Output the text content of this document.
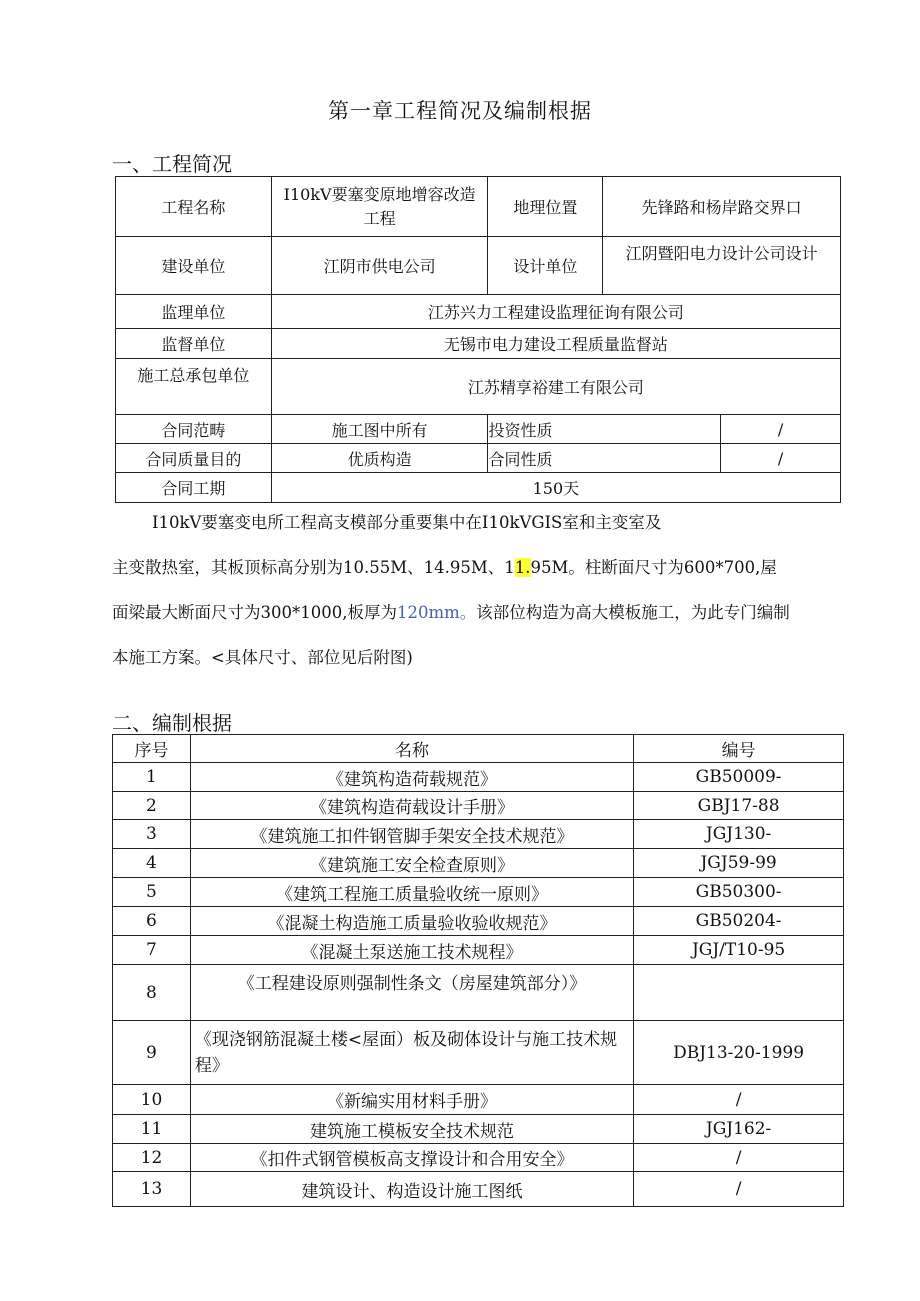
第一章工程简况及编制根据
一、工程简况
工程名称	I10kV要塞变原地增容改造工程	地理位置	先锋路和杨岸路交界口	
建设单位	江阴市供电公司	设计单位	江阴暨阳电力设计公司设计	
监理单位	江苏兴力工程建设监理征询有限公司			
监督单位	无锡市电力建设工程质量监督站			
施工总承包单位	江苏精享裕建工有限公司			
合同范畴	施工图中所有	投资性质		/
合同质量目的	优质构造	合同性质		/
合同工期	150天			

I10kV要塞变电所工程高支模部分重要集中在I10kVGIS室和主变室及

主变散热室，其板顶标高分别为10.55M、14.95M、11.95M。柱断面尺寸为600*700,屋

面梁最大断面尺寸为300*1000,板厚为120mm。该部位构造为高大模板施工，为此专门编制

本施工方案。<具体尺寸、部位见后附图)

二、编制根据
序号	名称	编号
1	《建筑构造荷载规范》	GB50009-
2	《建筑构造荷载设计手册》	GBJ17-88
3	《建筑施工扣件钢管脚手架安全技术规范》	JGJ130-
4	《建筑施工安全检查原则》	JGJ59-99
5	《建筑工程施工质量验收统一原则》	GB50300-
6	《混凝土构造施工质量验收验收规范》	GB50204-
7	《混凝土泵送施工技术规程》	JGJ/T10-95
8	《工程建设原则强制性条文（房屋建筑部分）》	
9	《现浇钢筋混凝土楼<屋面）板及砌体设计与施工技术规程》	DBJ13-20-1999
10	《新编实用材料手册》	/
11	建筑施工模板安全技术规范	JGJ162-
12	《扣件式钢管模板高支撑设计和合用安全》	/
13	建筑设计、构造设计施工图纸	/
